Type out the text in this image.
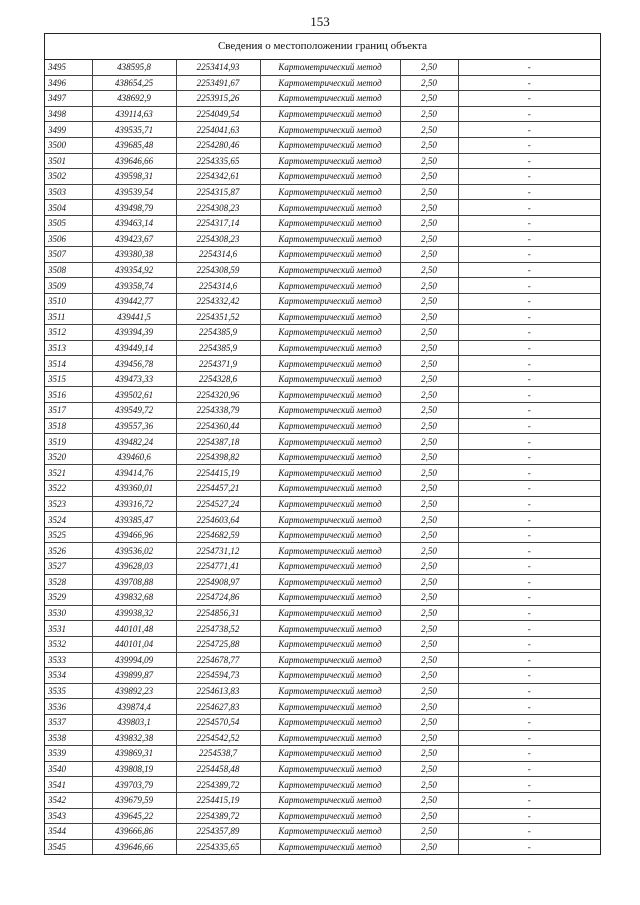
153
Сведения о местоположении границ объекта
3495	438595,8	2253414,93	Картометрический метод	2,50	-
3496	438654,25	2253491,67	Картометрический метод	2,50	-
3497	438692,9	2253915,26	Картометрический метод	2,50	-
3498	439114,63	2254049,54	Картометрический метод	2,50	-
3499	439535,71	2254041,63	Картометрический метод	2,50	-
3500	439685,48	2254280,46	Картометрический метод	2,50	-
3501	439646,66	2254335,65	Картометрический метод	2,50	-
3502	439598,31	2254342,61	Картометрический метод	2,50	-
3503	439539,54	2254315,87	Картометрический метод	2,50	-
3504	439498,79	2254308,23	Картометрический метод	2,50	-
3505	439463,14	2254317,14	Картометрический метод	2,50	-
3506	439423,67	2254308,23	Картометрический метод	2,50	-
3507	439380,38	2254314,6	Картометрический метод	2,50	-
3508	439354,92	2254308,59	Картометрический метод	2,50	-
3509	439358,74	2254314,6	Картометрический метод	2,50	-
3510	439442,77	2254332,42	Картометрический метод	2,50	-
3511	439441,5	2254351,52	Картометрический метод	2,50	-
3512	439394,39	2254385,9	Картометрический метод	2,50	-
3513	439449,14	2254385,9	Картометрический метод	2,50	-
3514	439456,78	2254371,9	Картометрический метод	2,50	-
3515	439473,33	2254328,6	Картометрический метод	2,50	-
3516	439502,61	2254320,96	Картометрический метод	2,50	-
3517	439549,72	2254338,79	Картометрический метод	2,50	-
3518	439557,36	2254360,44	Картометрический метод	2,50	-
3519	439482,24	2254387,18	Картометрический метод	2,50	-
3520	439460,6	2254398,82	Картометрический метод	2,50	-
3521	439414,76	2254415,19	Картометрический метод	2,50	-
3522	439360,01	2254457,21	Картометрический метод	2,50	-
3523	439316,72	2254527,24	Картометрический метод	2,50	-
3524	439385,47	2254603,64	Картометрический метод	2,50	-
3525	439466,96	2254682,59	Картометрический метод	2,50	-
3526	439536,02	2254731,12	Картометрический метод	2,50	-
3527	439628,03	2254771,41	Картометрический метод	2,50	-
3528	439708,88	2254908,97	Картометрический метод	2,50	-
3529	439832,68	2254724,86	Картометрический метод	2,50	-
3530	439938,32	2254856,31	Картометрический метод	2,50	-
3531	440101,48	2254738,52	Картометрический метод	2,50	-
3532	440101,04	2254725,88	Картометрический метод	2,50	-
3533	439994,09	2254678,77	Картометрический метод	2,50	-
3534	439899,87	2254594,73	Картометрический метод	2,50	-
3535	439892,23	2254613,83	Картометрический метод	2,50	-
3536	439874,4	2254627,83	Картометрический метод	2,50	-
3537	439803,1	2254570,54	Картометрический метод	2,50	-
3538	439832,38	2254542,52	Картометрический метод	2,50	-
3539	439869,31	2254538,7	Картометрический метод	2,50	-
3540	439808,19	2254458,48	Картометрический метод	2,50	-
3541	439703,79	2254389,72	Картометрический метод	2,50	-
3542	439679,59	2254415,19	Картометрический метод	2,50	-
3543	439645,22	2254389,72	Картометрический метод	2,50	-
3544	439666,86	2254357,89	Картометрический метод	2,50	-
3545	439646,66	2254335,65	Картометрический метод	2,50	-
